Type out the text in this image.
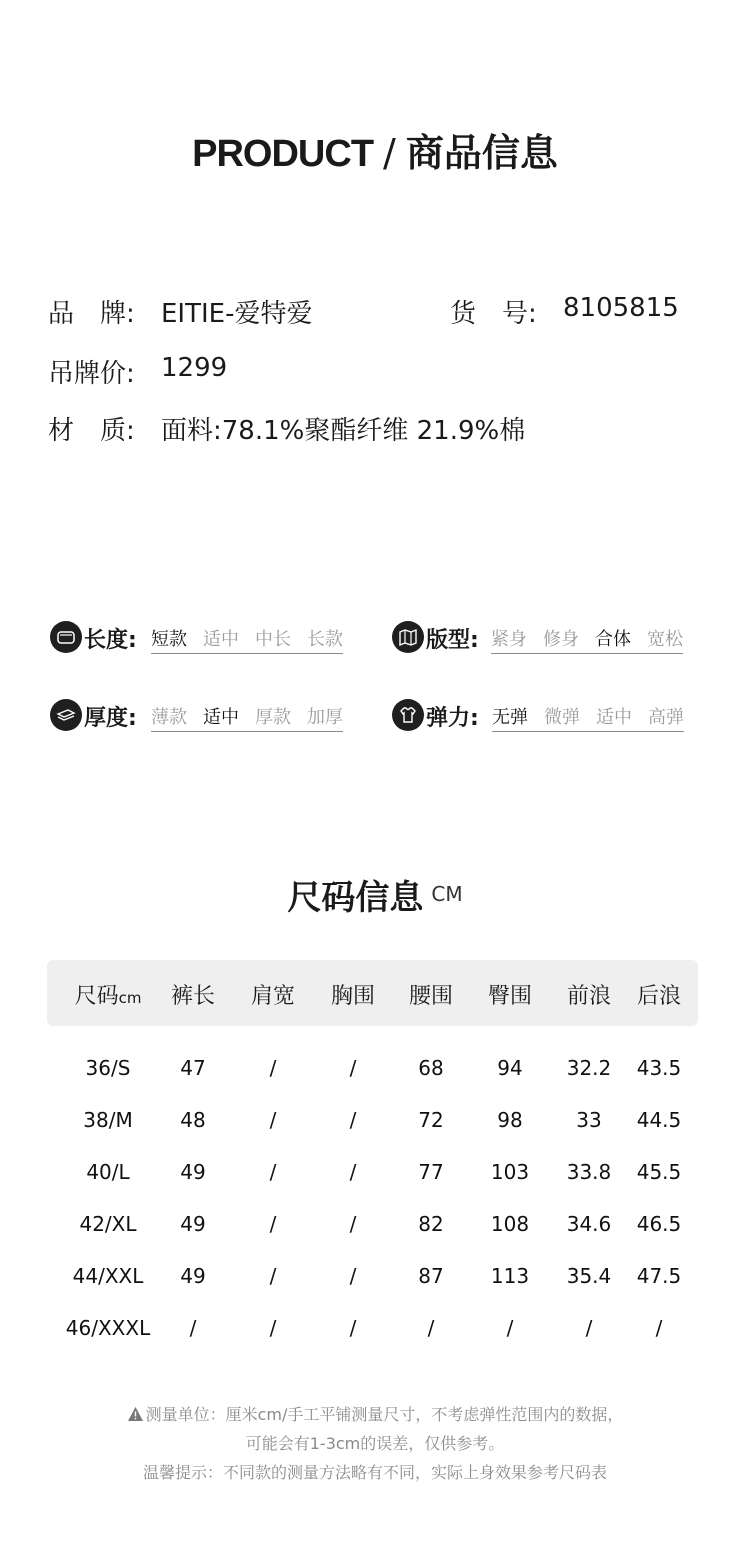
PRODUCT / 商品信息
品　牌: EITIE-爱特爱	货　号: 8105815
吊牌价: 1299
材　质: 面料:78.1%聚酯纤维 21.9%棉
长度: 短款 适中 中长 长款	版型: 紧身 修身 合体 宽松
厚度: 薄款 适中 厚款 加厚	弹力: 无弹 微弹 适中 高弹
尺码信息 CM
尺码cm	裤长	肩宽	胸围	腰围	臀围	前浪	后浪
36/S	47	/	/	68	94	32.2	43.5
38/M	48	/	/	72	98	33	44.5
40/L	49	/	/	77	103	33.8	45.5
42/XL	49	/	/	82	108	34.6	46.5
44/XXL	49	/	/	87	113	35.4	47.5
46/XXXL	/	/	/	/	/	/	/
测量单位：厘米cm/手工平铺测量尺寸，不考虑弹性范围内的数据，
可能会有1-3cm的误差，仅供参考。
温馨提示：不同款的测量方法略有不同，实际上身效果参考尺码表
